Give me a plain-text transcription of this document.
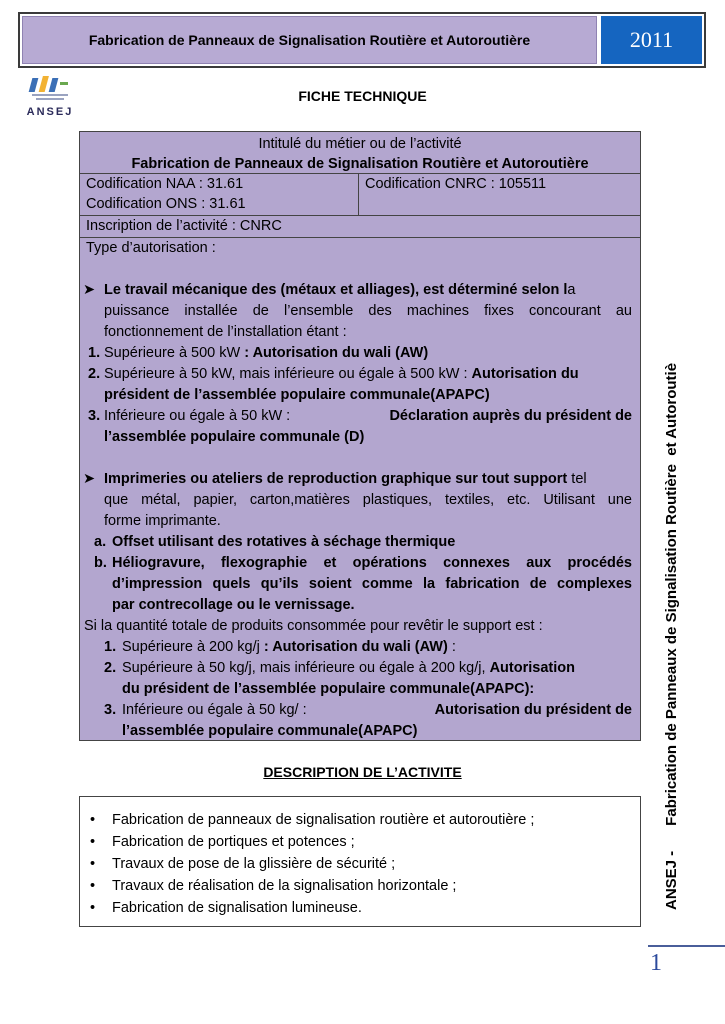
Fabrication de Panneaux de Signalisation Routière et Autoroutière	2011
ANSEJ
FICHE TECHNIQUE
Intitulé du métier ou de l’activité
Fabrication de Panneaux de Signalisation Routière et Autoroutière
Codification NAA : 31.61
Codification ONS : 31.61
Codification CNRC : 105511
Inscription de l’activité : CNRC
Type d’autorisation :
➤ Le travail mécanique des (métaux et alliages), est déterminé selon la
puissance installée de l’ensemble des machines fixes concourant au
fonctionnement de l’installation étant :
1. Supérieure à 500 kW : Autorisation du wali (AW)
2. Supérieure à 50 kW, mais inférieure ou égale à 500 kW : Autorisation du
président de l’assemblée populaire communale(APAPC)
3. Inférieure ou égale à 50 kW :	Déclaration auprès du président de
l’assemblée populaire communale (D)
➤ Imprimeries ou ateliers de reproduction graphique sur tout support tel
que métal, papier, carton,matières plastiques, textiles, etc. Utilisant une
forme imprimante.
a. Offset utilisant des rotatives à séchage thermique
b. Héliogravure, flexographie et opérations connexes aux procédés
d’impression quels qu’ils soient comme la fabrication de complexes
par contrecollage ou le vernissage.
Si la quantité totale de produits consommée pour revêtir le support est :
1. Supérieure à 200 kg/j : Autorisation du wali (AW) :
2. Supérieure à 50 kg/j, mais inférieure ou égale à 200 kg/j, Autorisation
du président de l’assemblée populaire communale(APAPC):
3. Inférieure ou égale à 50 kg/ :	Autorisation du président de
l’assemblée populaire communale(APAPC)
DESCRIPTION DE L’ACTIVITE
• Fabrication de panneaux de signalisation routière et autoroutière ;
• Fabrication de portiques et potences ;
• Travaux de pose de la glissière de sécurité ;
• Travaux de réalisation de la signalisation horizontale ;
• Fabrication de signalisation lumineuse.	ANSEJ -      Fabrication de Panneaux de Signalisation Routière  et Autoroutiè
1
